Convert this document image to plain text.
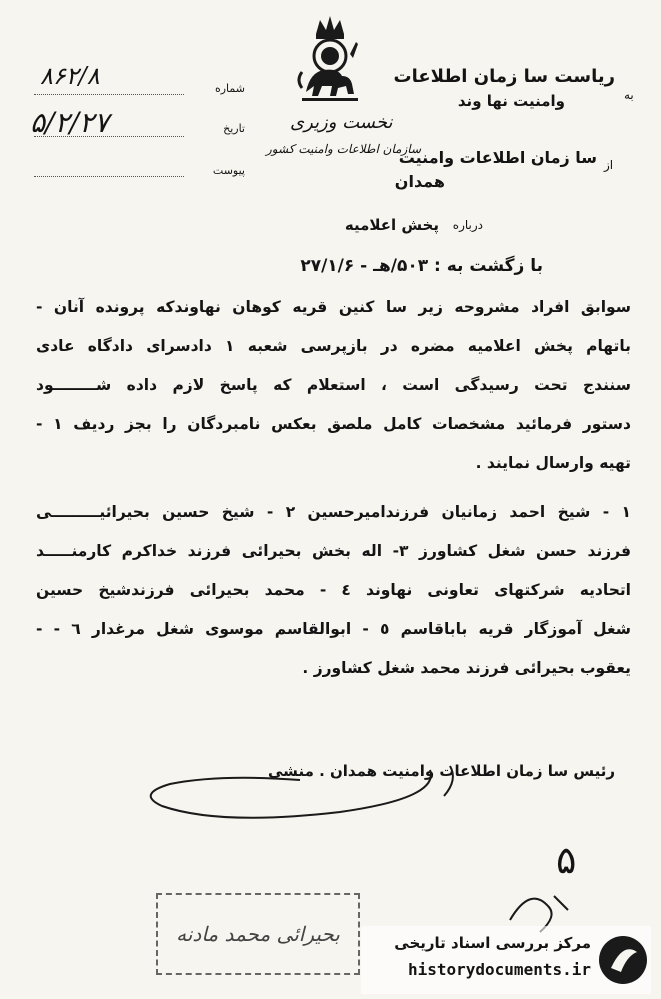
به
ریاست سا زمان اطلاعات
وامنیت نها وند
شماره
۸۶۲/۸
تاریخ
۵/۲/۲۷
پیوست
نخست وزیری
از
سا زمان اطلاعات وامنیت
سازمان اطلاعات وامنیت کشور
همدان
درباره
پخش اعلامیه
با زگشت به : ۵۰۳/هـ - ۲۷/۱/۶
سوابق افراد مشروحه زیر سا کنین قریه کوهان نهاوندکه پرونده آنان -
باتهام پخش اعلامیه مضره در بازپرسی شعبه ۱ دادسرای دادگاه عادی
سنندج تحت رسیدگی است ، استعلام که پاسخ لازم داده شــــــــود
دستور فرمائید مشخصات کامل ملصق بعکس نامبردگان را بجز ردیف ۱ -
تهیه وارسال نمایند .
۱ - شیخ احمد زمانیان فرزندامیرحسین ۲ - شیخ حسین بحیرائیـــــــــی
فرزند حسن شغل کشاورز ۳- اله بخش بحیرائی فرزند خداکرم کارمنـــــد
اتحادیه شرکتهای تعاونی نهاوند ٤ - محمد بحیرائی فرزندشیخ حسین
شغل آموزگار قریه باباقاسم ٥ - ابوالقاسم موسوی شغل مرغدار ٦ - -
یعقوب بحیرائی فرزند محمد شغل کشاورز .
رئیس سا زمان اطلاعات وامنیت همدان . منشی
۵
بحیرائی محمد مادنه	مرکز بررسی اسناد تاریخی
historydocuments.ir
